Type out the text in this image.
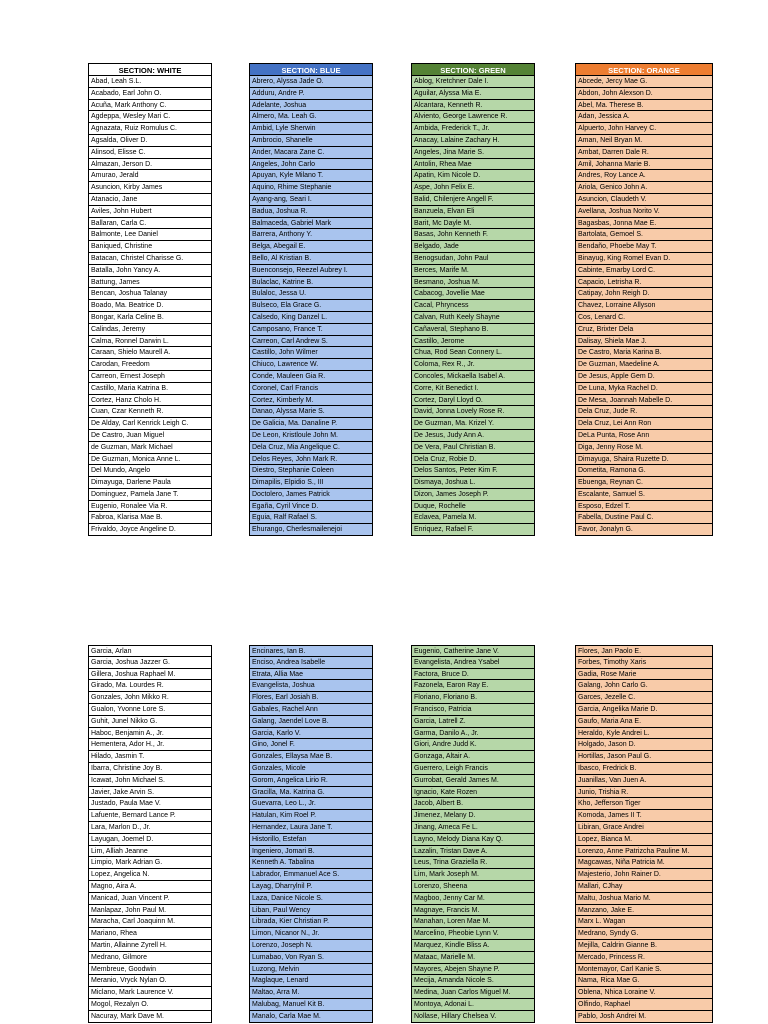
SECTION: WHITE
Abad, Leah S.L.
Acabado, Earl John O.
Acuña, Mark Anthony C.
Agdeppa, Wesley Mari C.
Agnazata, Ruiz Romulus C.
Agsalda, Oliver D.
Alinsod, Elisse C.
Almazan, Jerson D.
Amurao, Jerald
Asuncion, Kirby James
Atanacio, Jane
Aviles, John Hubert
Ballaran, Carla C.
Balmonte, Lee Daniel
Baniqued, Christine
Batacan, Christel Charisse G.
Batalla, John Yancy A.
Battung, James
Bencan, Joshua Talanay
Boado, Ma. Beatrice D.
Bongar, Karla Celine B.
Calindas, Jeremy
Calma, Ronnel Darwin L.
Caraan, Shielo Maurell A.
Carodan, Freedom
Carreon, Ernest Joseph
Castillo, Maria Katrina B.
Cortez, Hanz Cholo H.
Cuan, Czar Kenneth R.
De Alday, Carl Kenrick Leigh C.
De Castro, Juan Miguel
de Guzman, Mark Michael
De Guzman, Monica Anne L.
Del Mundo, Angelo
Dimayuga, Darlene Paula
Dominguez, Pamela Jane T.
Eugenio, Ronalee Via R.
Fabroa, Klarisa Mae B.
Frivaldo, Joyce Angeline D.
SECTION: BLUE
Abrero, Alyssa Jade O.
Adduru, Andre P.
Adelante, Joshua
Almero, Ma. Leah G.
Ambid, Lyle Sherwin
Ambrocio, Shanelle
Ander, Macara Zane C.
Angeles, John Carlo
Apuyan, Kyle Milano T.
Aquino, Rhime Stephanie
Ayang-ang, Seari I.
Badua, Joshua R.
Balmaceda, Gabriel Mark
Barrera, Anthony Y.
Belga, Abegail E.
Bello, Al Kristian B.
Buenconsejo, Reezel Aubrey I.
Bulaclac, Katrine B.
Bulaloc, Jessa U.
Bulseco, Ela Grace G.
Calsedo, King Danzel L.
Camposano, France T.
Carreon, Carl Andrew S.
Castillo, John Wilmer
Chiuco, Lawrence W.
Conde, Mauleen Gia R.
Coronel, Carl Francis
Cortez, Kimberly M.
Danao, Alyssa Marie S.
De Galicia, Ma. Danaline P.
De Leon, Kristloule John M.
Dela Cruz, Mia Angelique C.
Delos Reyes, John Mark R.
Diestro, Stephanie Coleen
Dimapilis, Elpidio S., III
Doctolero, James Patrick
Egaña, Cyril Vince D.
Eguia, Ralf Rafael S.
Ehurango, Cherlesmailenejoi
SECTION: GREEN
Ablog, Kretchner Dale I.
Aguilar, Alyssa Mia E.
Alcantara, Kenneth R.
Alviento, George Lawrence R.
Ambida, Frederick T., Jr.
Anacay, Lalaine Zachary H.
Angeles, Jina Marie S.
Antolin, Rhea Mae
Apatin, Kim Nicole D.
Aspe, John Felix E.
Balid, Chilenjere Angell F.
Banzuela, Elvan Eli
Barit, Mc Dayle M.
Basas, John Kenneth F.
Belgado, Jade
Benogsudan, John Paul
Berces, Marife M.
Besmano, Joshua M.
Cabacog, Jovellie Mae
Cacal, Phryncess
Calvan, Ruth Keely Shayne
Cañaveral, Stephano B.
Castillo, Jerome
Chua, Rod Sean Connery L.
Coloma, Rex R., Jr.
Concoles, Mickaella Isabel A.
Corre, Kit Benedict I.
Cortez, Daryl Lloyd O.
David, Jonna Lovely Rose R.
De Guzman, Ma. Krizel Y.
De Jesus, Judy Ann A.
De Vera, Paul Christian B.
Dela Cruz, Robie D.
Delos Santos, Peter Kim F.
Dismaya, Joshua L.
Dizon, James Joseph P.
Duque, Rochelle
Eclavea, Pamela M.
Enriquez, Rafael F.
SECTION: ORANGE
Abcede, Jercy Mae G.
Abdon, John Alexson D.
Abel, Ma. Therese B.
Adan, Jessica A.
Alpuerto, John Harvey C.
Aman, Neil Bryan M.
Ambat, Darren Dale R.
Amil, Johanna Marie B.
Andres, Roy Lance A.
Ariola, Genico John A.
Asuncion, Claudeth V.
Avellana, Joshua Norito V.
Bagasbas, Jonna Mae E.
Bartolata, Gemoel S.
Bendaño, Phoebe May T.
Binayug, King Romel Evan D.
Cabinte, Emarby Lord C.
Capacio, Letrisha R.
Catipay, John Reigh D.
Chavez, Lorraine Allyson
Cos, Lenard C.
Cruz, Brixter Dela
Dalisay, Shiela Mae J.
De Castro, Maria Karina B.
De Guzman, Maedeline A.
De Jesus, Apple Gem D.
De Luna, Myka Rachel D.
De Mesa, Joannah Mabelle D.
Dela Cruz, Jude R.
Dela Cruz, Lei Ann Ron
DeLa Punta, Rose Ann
Diga, Jenny Rose M.
Dimayuga, Shaira Ruzette D.
Dometita, Ramona G.
Ebuenga, Reynan C.
Escalante, Samuel S.
Esposo, Edzel T.
Fabella, Dustine Paul C.
Favor, Jonalyn G.
Garcia, Arlan
Garcia, Joshua Jazzer G.
Gillera, Joshua Raphael M.
Girado, Ma. Lourdes R.
Gonzales, John Mikko R.
Gualon, Yvonne Lore S.
Guhit, Junel Nikko G.
Haboc, Benjamin A., Jr.
Hementera, Ador H., Jr.
Hilado, Jasmin T.
Ibarra, Christine Joy B.
Icawat, John Michael S.
Javier, Jake Arvin S.
Justado, Paula Mae V.
Lafuente, Bernard Lance P.
Lara, Marlon D., Jr.
Layugan, Joemel D.
Lim, Alliah Jeanne
Limpio, Mark Adrian G.
Lopez, Angelica N.
Magno, Aira A.
Manicad, Juan Vincent P.
Manlapaz, John Paul M.
Maracha, Carl Joaquinn M.
Mariano, Rhea
Martin, Allainne Zyrell H.
Medrano, Gilmore
Membreue, Goodwin
Meranio, Vryck Nylan O.
Miclano, Mark Laurence V.
Mogol, Rezalyn O.
Nacuray, Mark Dave M.
Encinares, Ian B.
Enciso, Andrea Isabelle
Etrata, Allia Mae
Evangelista, Joshua
Flores, Earl Josiah B.
Gabales, Rachel Ann
Galang, Jaendel Love B.
Garcia, Karlo V.
Gino, Jonel F.
Gonzales, Ellaysa Mae B.
Gonzales, Micole
Gorom, Angelica Lirio R.
Gracilla, Ma. Katrina G.
Guevarra, Leo L., Jr.
Hatulan, Kim Roel P.
Hernandez, Laura Jane T.
Historillo, Estefan
Ingeniero, Jomari B.
Kenneth A. Tabalina
Labrador, Emmanuel Ace S.
Layag, Dharrylnil P.
Laza, Danice Nicole S.
Liban, Paul Wency
Librada, Kier Christian P.
Limon, Nicanor N., Jr.
Lorenzo, Joseph N.
Lumabao, Von Ryan S.
Luzong, Melvin
Maglaque, Lenard
Maltao, Arra M.
Malubag, Manuel Kit B.
Manalo, Carla Mae M.
Eugenio, Catherine Jane V.
Evangelista, Andrea Ysabel
Factora, Bruce D.
Fazonela, Earon Ray E.
Floriano, Floriano B.
Francisco, Patricia
Garcia, Latrell Z.
Garma, Danilo A., Jr.
Giori, Andre Judd K.
Gonzaga, Altair A.
Guerrero, Leigh Francis
Gurrobat, Gerald James M.
Ignacio, Kate Rozen
Jacob, Albert B.
Jimenez, Melany D.
Jinang, Ameca Fe L.
Layno, Melody Diana Kay Q.
Lazalin, Tristan Dave A.
Leus, Trina Graziella R.
Lim, Mark Joseph M.
Lorenzo, Sheena
Magboo, Jenny Car M.
Magnaye, Francis M.
Manahan, Loren Mae M.
Marcelino, Pheobie Lynn V.
Marquez, Kindle Bliss A.
Mataac, Marielle M.
Mayores, Abejen Shayne P.
Mecija, Amanda Nicole S.
Medina, Juan Carlos Miguel M.
Montoya, Adonai L.
Nollase, Hillary Chelsea V.
Flores, Jan Paolo E.
Forbes, Timothy Xaris
Gadia, Rose Marie
Galang, John Carlo G.
Garces, Jezelle C.
Garcia, Angelika Marie D.
Gaufo, Maria Ana E.
Heraldo, Kyle Andrei L.
Holgado, Jason D.
Hortillas, Jason Paul G.
Ibasco, Fredrick B.
Juanillas, Van Juen A.
Junio, Trishia R.
Kho, Jefferson Tiger
Komoda, James II T.
Libiran, Grace Andrei
Lopez, Bianca M.
Lorenzo, Anne Patrizcha Pauline M.
Magcawas, Niña Patricia M.
Majesterio, John Rainer D.
Mallari, CJhay
Maltu, Joshua Mario M.
Manzano, Jake E.
Marx L. Wagan
Medrano, Syndy G.
Mejilla, Caldrin Gianne B.
Mercado, Princess R.
Montemayor, Carl Kanie S.
Nama, Rica Mae G.
Oblena, Nhica Loraine V.
Olfindo, Raphael
Pablo, Josh Andrei M.
